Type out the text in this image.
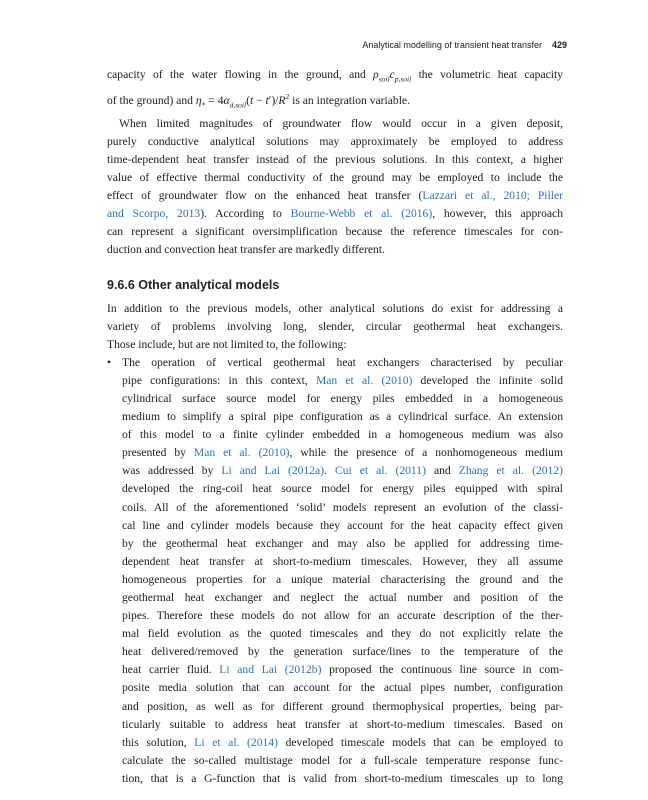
Analytical modelling of transient heat transfer 429
capacity of the water flowing in the ground, and $\rho_{soil}c_{p,soil}$ the volumetric heat capacity
of the ground) and $\eta_* = 4\alpha_{d,soil}(t - t')/R^2$ is an integration variable.
When limited magnitudes of groundwater flow would occur in a given deposit,
purely conductive analytical solutions may approximately be employed to address
time-dependent heat transfer instead of the previous solutions. In this context, a higher
value of effective thermal conductivity of the ground may be employed to include the
effect of groundwater flow on the enhanced heat transfer (Lazzari et al., 2010; Piller
and Scorpo, 2013). According to Bourne-Webb et al. (2016), however, this approach
can represent a significant oversimplification because the reference timescales for con-
duction and convection heat transfer are markedly different.
9.6.6 Other analytical models
In addition to the previous models, other analytical solutions do exist for addressing a
variety of problems involving long, slender, circular geothermal heat exchangers.
Those include, but are not limited to, the following:
• The operation of vertical geothermal heat exchangers characterised by peculiar
pipe configurations: in this context, Man et al. (2010) developed the infinite solid
cylindrical surface source model for energy piles embedded in a homogeneous
medium to simplify a spiral pipe configuration as a cylindrical surface. An extension
of this model to a finite cylinder embedded in a homogeneous medium was also
presented by Man et al. (2010), while the presence of a nonhomogeneous medium
was addressed by Li and Lai (2012a). Cui et al. (2011) and Zhang et al. (2012)
developed the ring-coil heat source model for energy piles equipped with spiral
coils. All of the aforementioned ‘solid’ models represent an evolution of the classi-
cal line and cylinder models because they account for the heat capacity effect given
by the geothermal heat exchanger and may also be applied for addressing time-
dependent heat transfer at short-to-medium timescales. However, they all assume
homogeneous properties for a unique material characterising the ground and the
geothermal heat exchanger and neglect the actual number and position of the
pipes. Therefore these models do not allow for an accurate description of the ther-
mal field evolution as the quoted timescales and they do not explicitly relate the
heat delivered/removed by the generation surface/lines to the temperature of the
heat carrier fluid. Li and Lai (2012b) proposed the continuous line source in com-
posite media solution that can account for the actual pipes number, configuration
and position, as well as for different ground thermophysical properties, being par-
ticularly suitable to address heat transfer at short-to-medium timescales. Based on
this solution, Li et al. (2014) developed timescale models that can be employed to
calculate the so-called multistage model for a full-scale temperature response func-
tion, that is a G-function that is valid from short-to-medium timescales up to long
